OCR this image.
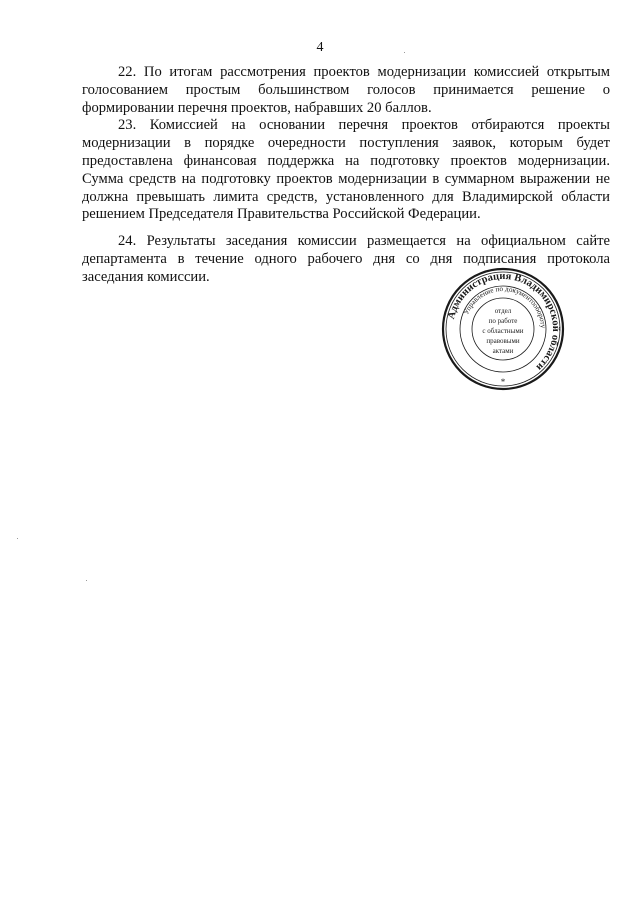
4

22. По итогам рассмотрения проектов модернизации комиссией открытым голосованием простым большинством голосов принимается решение о формировании перечня проектов, набравших 20 баллов.

23. Комиссией на основании перечня проектов отбираются проекты модернизации в порядке очередности поступления заявок, которым будет предоставлена финансовая поддержка на подготовку проектов модернизации. Сумма средств на подготовку проектов модернизации в суммарном выражении не должна превышать лимита средств, установленного для Владимирской области решением Председателя Правительства Российской Федерации.

24. Результаты заседания комиссии размещается на официальном сайте департамента в течение одного рабочего дня со дня подписания протокола заседания комиссии.

Администрация Владимирской области
Управление по документообороту
отдел
по работе
с областными
правовыми
актами
*
